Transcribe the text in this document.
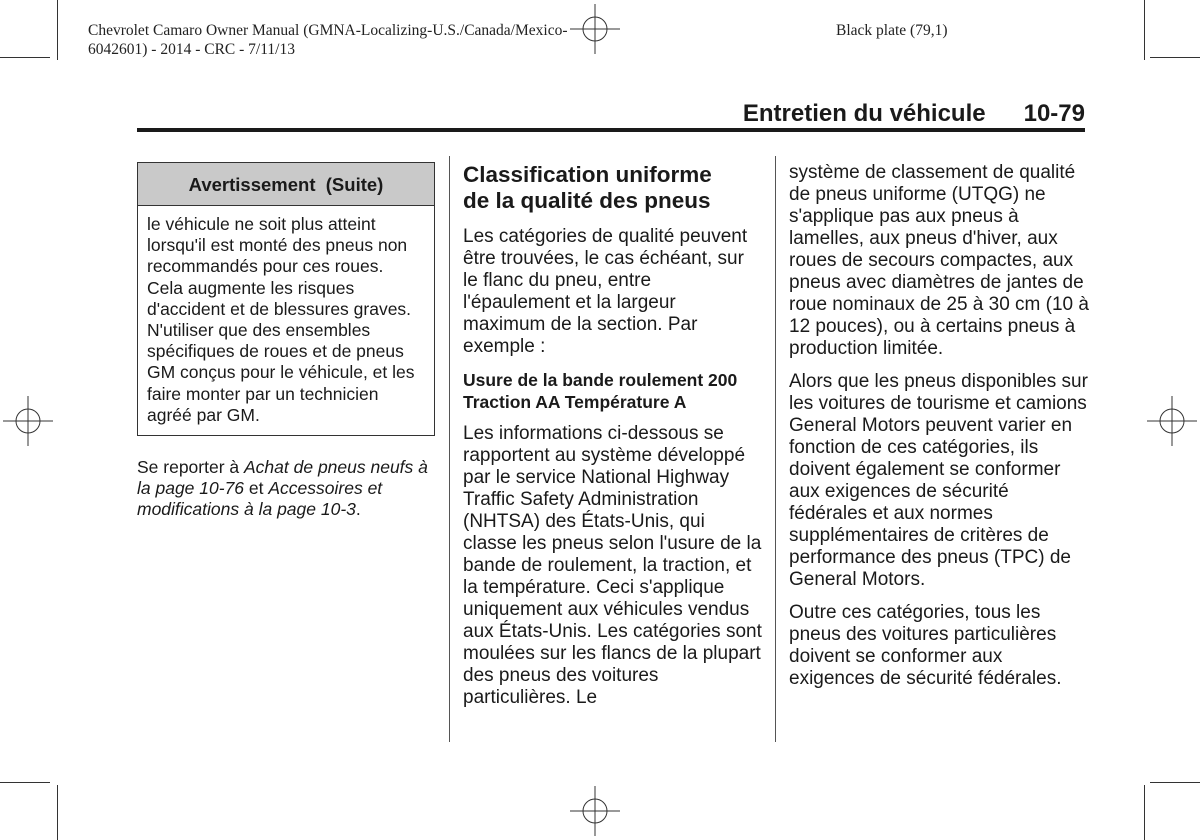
Chevrolet Camaro Owner Manual (GMNA-Localizing-U.S./Canada/Mexico-
6042601) - 2014 - CRC - 7/11/13
Black plate (79,1)
Entretien du véhicule 10-79
Avertissement  (Suite)

le véhicule ne soit plus atteint lorsqu'il est monté des pneus non recommandés pour ces roues. Cela augmente les risques d'accident et de blessures graves. N'utiliser que des ensembles spécifiques de roues et de pneus GM conçus pour le véhicule, et les faire monter par un technicien agréé par GM.

Se reporter à Achat de pneus neufs à la page 10-76 et Accessoires et modifications à la page 10-3.

Classification uniforme
de la qualité des pneus

Les catégories de qualité peuvent être trouvées, le cas échéant, sur le flanc du pneu, entre l'épaulement et la largeur maximum de la section. Par exemple :

Usure de la bande roulement 200 Traction AA Température A

Les informations ci-dessous se rapportent au système développé par le service National Highway Traffic Safety Administration (NHTSA) des États-Unis, qui classe les pneus selon l'usure de la bande de roulement, la traction, et la température. Ceci s'applique uniquement aux véhicules vendus aux États-Unis. Les catégories sont moulées sur les flancs de la plupart des pneus des voitures particulières. Le

système de classement de qualité de pneus uniforme (UTQG) ne s'applique pas aux pneus à lamelles, aux pneus d'hiver, aux roues de secours compactes, aux pneus avec diamètres de jantes de roue nominaux de 25 à 30 cm (10 à 12 pouces), ou à certains pneus à production limitée.

Alors que les pneus disponibles sur les voitures de tourisme et camions General Motors peuvent varier en fonction de ces catégories, ils doivent également se conformer aux exigences de sécurité fédérales et aux normes supplémentaires de critères de performance des pneus (TPC) de General Motors.

Outre ces catégories, tous les pneus des voitures particulières doivent se conformer aux exigences de sécurité fédérales.
